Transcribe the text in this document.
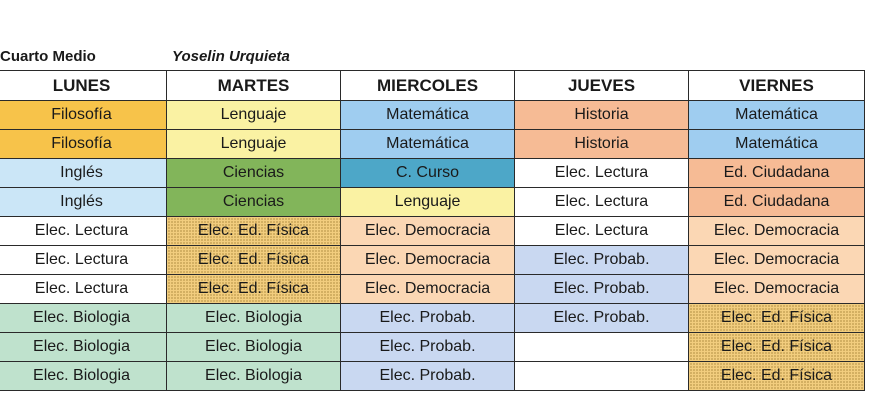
Cuarto Medio	Yoselin Urquieta
LUNES	MARTES	MIERCOLES	JUEVES	VIERNES
Filosofía	Lenguaje	Matemática	Historia	Matemática
Filosofía	Lenguaje	Matemática	Historia	Matemática
Inglés	Ciencias	C. Curso	Elec. Lectura	Ed. Ciudadana
Inglés	Ciencias	Lenguaje	Elec. Lectura	Ed. Ciudadana
Elec. Lectura	Elec. Ed. Física	Elec. Democracia	Elec. Lectura	Elec. Democracia
Elec. Lectura	Elec. Ed. Física	Elec. Democracia	Elec. Probab.	Elec. Democracia
Elec. Lectura	Elec. Ed. Física	Elec. Democracia	Elec. Probab.	Elec. Democracia
Elec. Biologia	Elec. Biologia	Elec. Probab.	Elec. Probab.	Elec. Ed. Física
Elec. Biologia	Elec. Biologia	Elec. Probab.		Elec. Ed. Física
Elec. Biologia	Elec. Biologia	Elec. Probab.		Elec. Ed. Física
